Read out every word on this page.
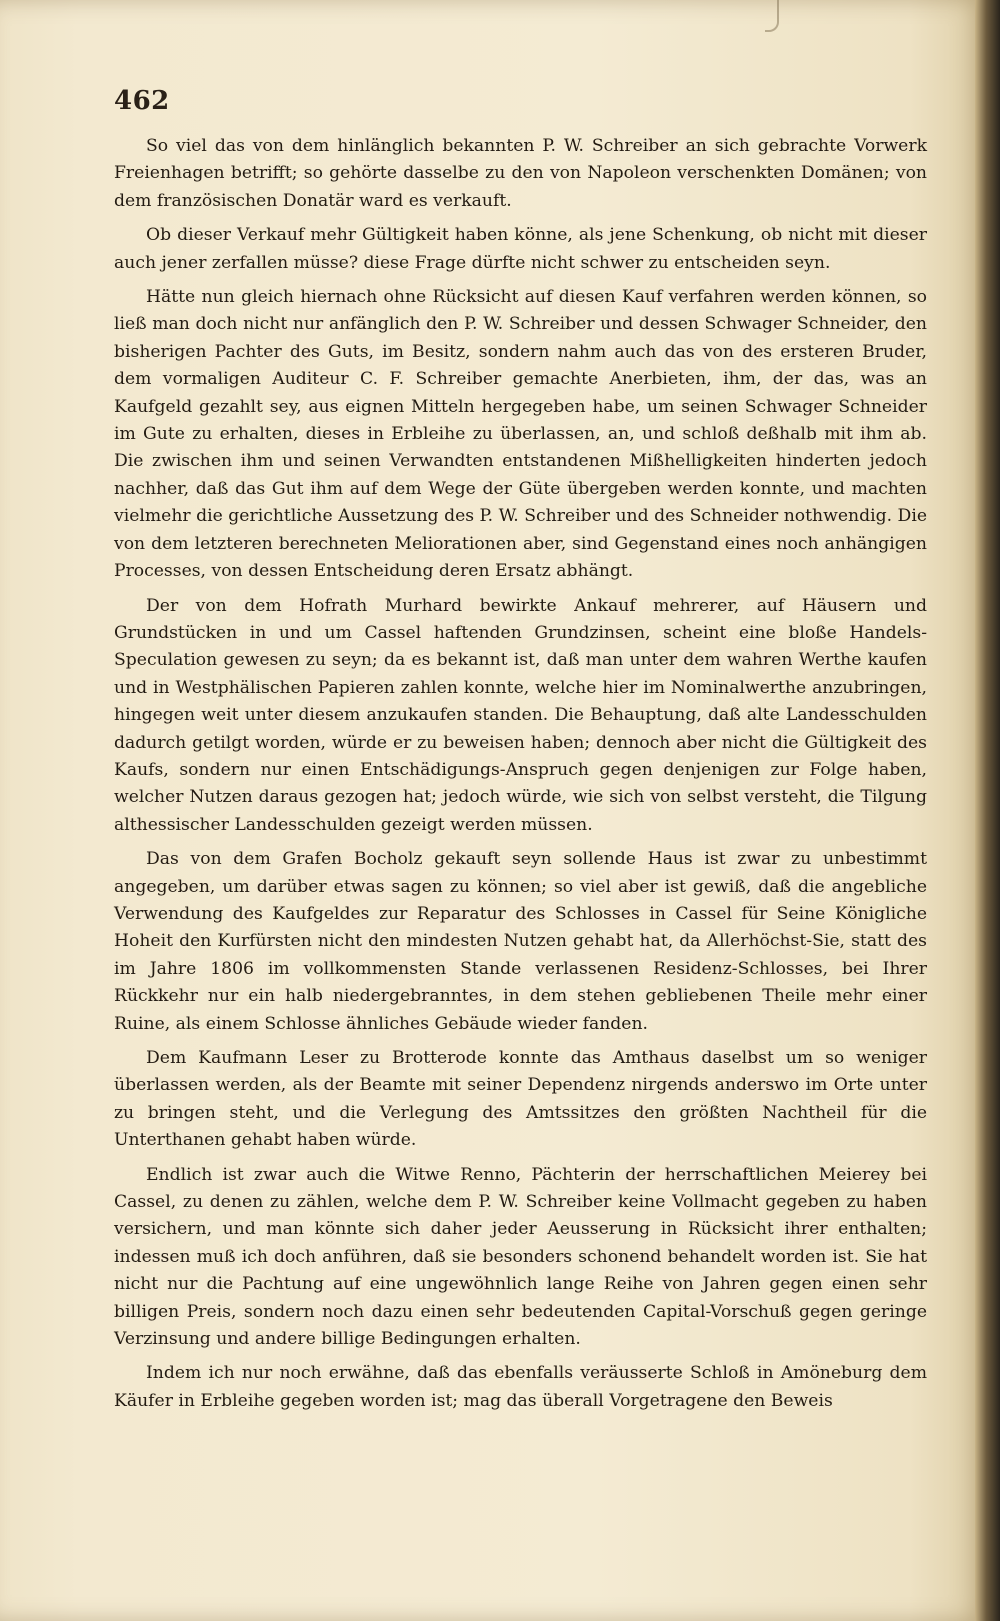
462

So viel das von dem hinlänglich bekannten P. W. Schreiber an sich gebrachte Vorwerk Freienhagen betrifft; so gehörte dasselbe zu den von Napoleon verschenkten Domänen; von dem französischen Donatär ward es verkauft.

Ob dieser Verkauf mehr Gültigkeit haben könne, als jene Schenkung, ob nicht mit dieser auch jener zerfallen müsse? diese Frage dürfte nicht schwer zu entscheiden seyn.

Hätte nun gleich hiernach ohne Rücksicht auf diesen Kauf verfahren werden können, so ließ man doch nicht nur anfänglich den P. W. Schreiber und dessen Schwager Schneider, den bisherigen Pachter des Guts, im Besitz, sondern nahm auch das von des ersteren Bruder, dem vormaligen Auditeur C. F. Schreiber gemachte Anerbieten, ihm, der das, was an Kaufgeld gezahlt sey, aus eignen Mitteln hergegeben habe, um seinen Schwager Schneider im Gute zu erhalten, dieses in Erbleihe zu überlassen, an, und schloß deßhalb mit ihm ab. Die zwischen ihm und seinen Verwandten entstandenen Mißhelligkeiten hinderten jedoch nachher, daß das Gut ihm auf dem Wege der Güte übergeben werden konnte, und machten vielmehr die gerichtliche Aussetzung des P. W. Schreiber und des Schneider nothwendig. Die von dem letzteren berechneten Meliorationen aber, sind Gegenstand eines noch anhängigen Processes, von dessen Entscheidung deren Ersatz abhängt.

Der von dem Hofrath Murhard bewirkte Ankauf mehrerer, auf Häusern und Grundstücken in und um Cassel haftenden Grundzinsen, scheint eine bloße Handels-Speculation gewesen zu seyn; da es bekannt ist, daß man unter dem wahren Werthe kaufen und in Westphälischen Papieren zahlen konnte, welche hier im Nominalwerthe anzubringen, hingegen weit unter diesem anzukaufen standen. Die Behauptung, daß alte Landesschulden dadurch getilgt worden, würde er zu beweisen haben; dennoch aber nicht die Gültigkeit des Kaufs, sondern nur einen Entschädigungs-Anspruch gegen denjenigen zur Folge haben, welcher Nutzen daraus gezogen hat; jedoch würde, wie sich von selbst versteht, die Tilgung althessischer Landesschulden gezeigt werden müssen.

Das von dem Grafen Bocholz gekauft seyn sollende Haus ist zwar zu unbestimmt angegeben, um darüber etwas sagen zu können; so viel aber ist gewiß, daß die angebliche Verwendung des Kaufgeldes zur Reparatur des Schlosses in Cassel für Seine Königliche Hoheit den Kurfürsten nicht den mindesten Nutzen gehabt hat, da Allerhöchst-Sie, statt des im Jahre 1806 im vollkommensten Stande verlassenen Residenz-Schlosses, bei Ihrer Rückkehr nur ein halb niedergebranntes, in dem stehen gebliebenen Theile mehr einer Ruine, als einem Schlosse ähnliches Gebäude wieder fanden.

Dem Kaufmann Leser zu Brotterode konnte das Amthaus daselbst um so weniger überlassen werden, als der Beamte mit seiner Dependenz nirgends anderswo im Orte unter zu bringen steht, und die Verlegung des Amtssitzes den größten Nachtheil für die Unterthanen gehabt haben würde.

Endlich ist zwar auch die Witwe Renno, Pächterin der herrschaftlichen Meierey bei Cassel, zu denen zu zählen, welche dem P. W. Schreiber keine Vollmacht gegeben zu haben versichern, und man könnte sich daher jeder Aeusserung in Rücksicht ihrer enthalten; indessen muß ich doch anführen, daß sie besonders schonend behandelt worden ist. Sie hat nicht nur die Pachtung auf eine ungewöhnlich lange Reihe von Jahren gegen einen sehr billigen Preis, sondern noch dazu einen sehr bedeutenden Capital-Vorschuß gegen geringe Verzinsung und andere billige Bedingungen erhalten.

Indem ich nur noch erwähne, daß das ebenfalls veräusserte Schloß in Amöneburg dem Käufer in Erbleihe gegeben worden ist; mag das überall Vorgetragene den Beweis
